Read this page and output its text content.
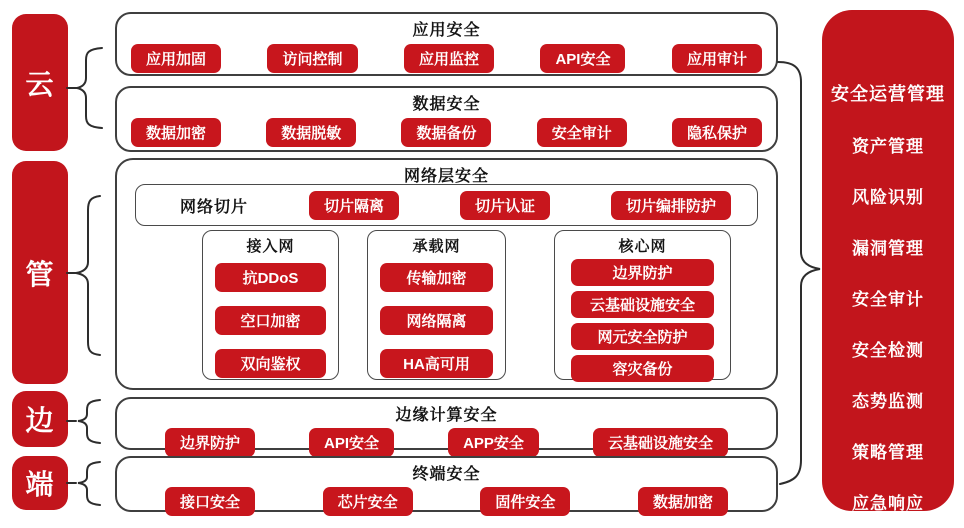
云
管
边
端
应用安全
应用加固	访问控制	应用监控	API安全	应用审计
数据安全
数据加密	数据脱敏	数据备份	安全审计	隐私保护
网络层安全
网络切片	切片隔离	切片认证	切片编排防护
接入网
抗DDoS
空口加密
双向鉴权
承载网
传输加密
网络隔离
HA高可用
核心网
边界防护
云基础设施安全
网元安全防护
容灾备份
边缘计算安全
边界防护	API安全	APP安全	云基础设施安全
终端安全
接口安全	芯片安全	固件安全	数据加密
安全运营管理
资产管理
风险识别
漏洞管理
安全审计
安全检测
态势监测
策略管理
应急响应
